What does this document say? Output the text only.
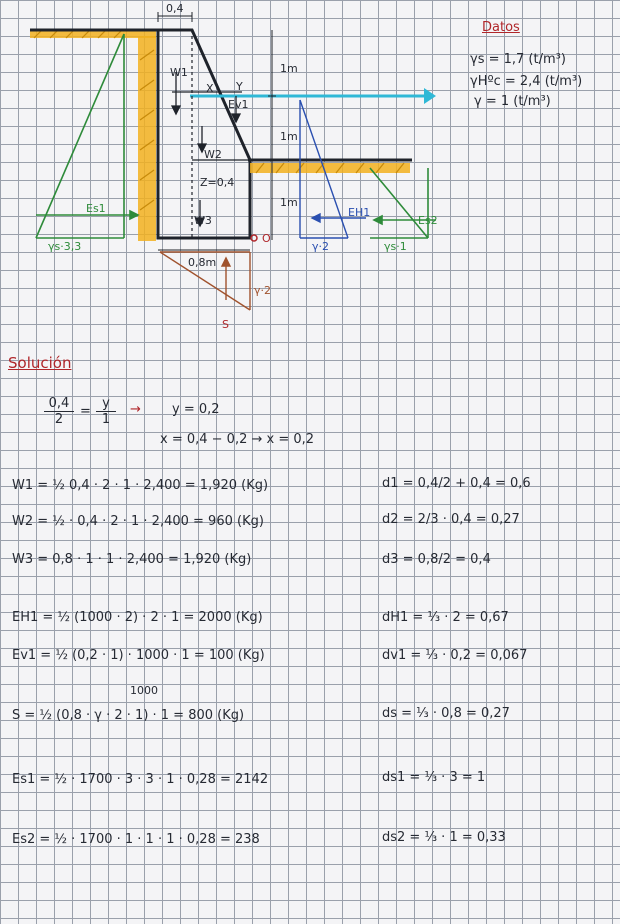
0,4
1m
1m
1m
0,8m
W1
W2
W3
X Y
Z=0,4
Ev1
Es1
Es2
EH1
O
S
γs·3,3	γ·2	γs·1
γ·2
Datos
γs = 1,7 (t/m³)
γHºc = 2,4 (t/m³)
γ = 1 (t/m³)
Solución
$\frac{0,4}{2} = \frac{y}{1} \to y = 0,2$
x = 0,4 − 0,2 → x = 0,2
W1 = ½ 0,4 · 2 · 1 · 2,400 = 1,920 (Kg)	d1 = 0,4/2 + 0,4 = 0,6
W2 = ½ · 0,4 · 2 · 1 · 2,400 = 960 (Kg)	d2 = 2/3 · 0,4 = 0,27
W3 = 0,8 · 1 · 1 · 2,400 = 1,920 (Kg)	d3 = 0,8/2 = 0,4
EH1 = ½ (1000 · 2) · 2 · 1 = 2000 (Kg)	dH1 = ⅓ · 2 = 0,67
Ev1 = ½ (0,2 · 1) · 1000 · 1 = 100 (Kg)	dv1 = ⅓ · 0,2 = 0,067
1000
S = ½ (0,8 · γ · 2 · 1) · 1 = 800 (Kg)	ds = ⅓ · 0,8 = 0,27
Es1 = ½ · 1700 · 3 · 3 · 1 · 0,28 = 2142	ds1 = ⅓ · 3 = 1
Es2 = ½ · 1700 · 1 · 1 · 1 · 0,28 = 238	ds2 = ⅓ · 1 = 0,33
